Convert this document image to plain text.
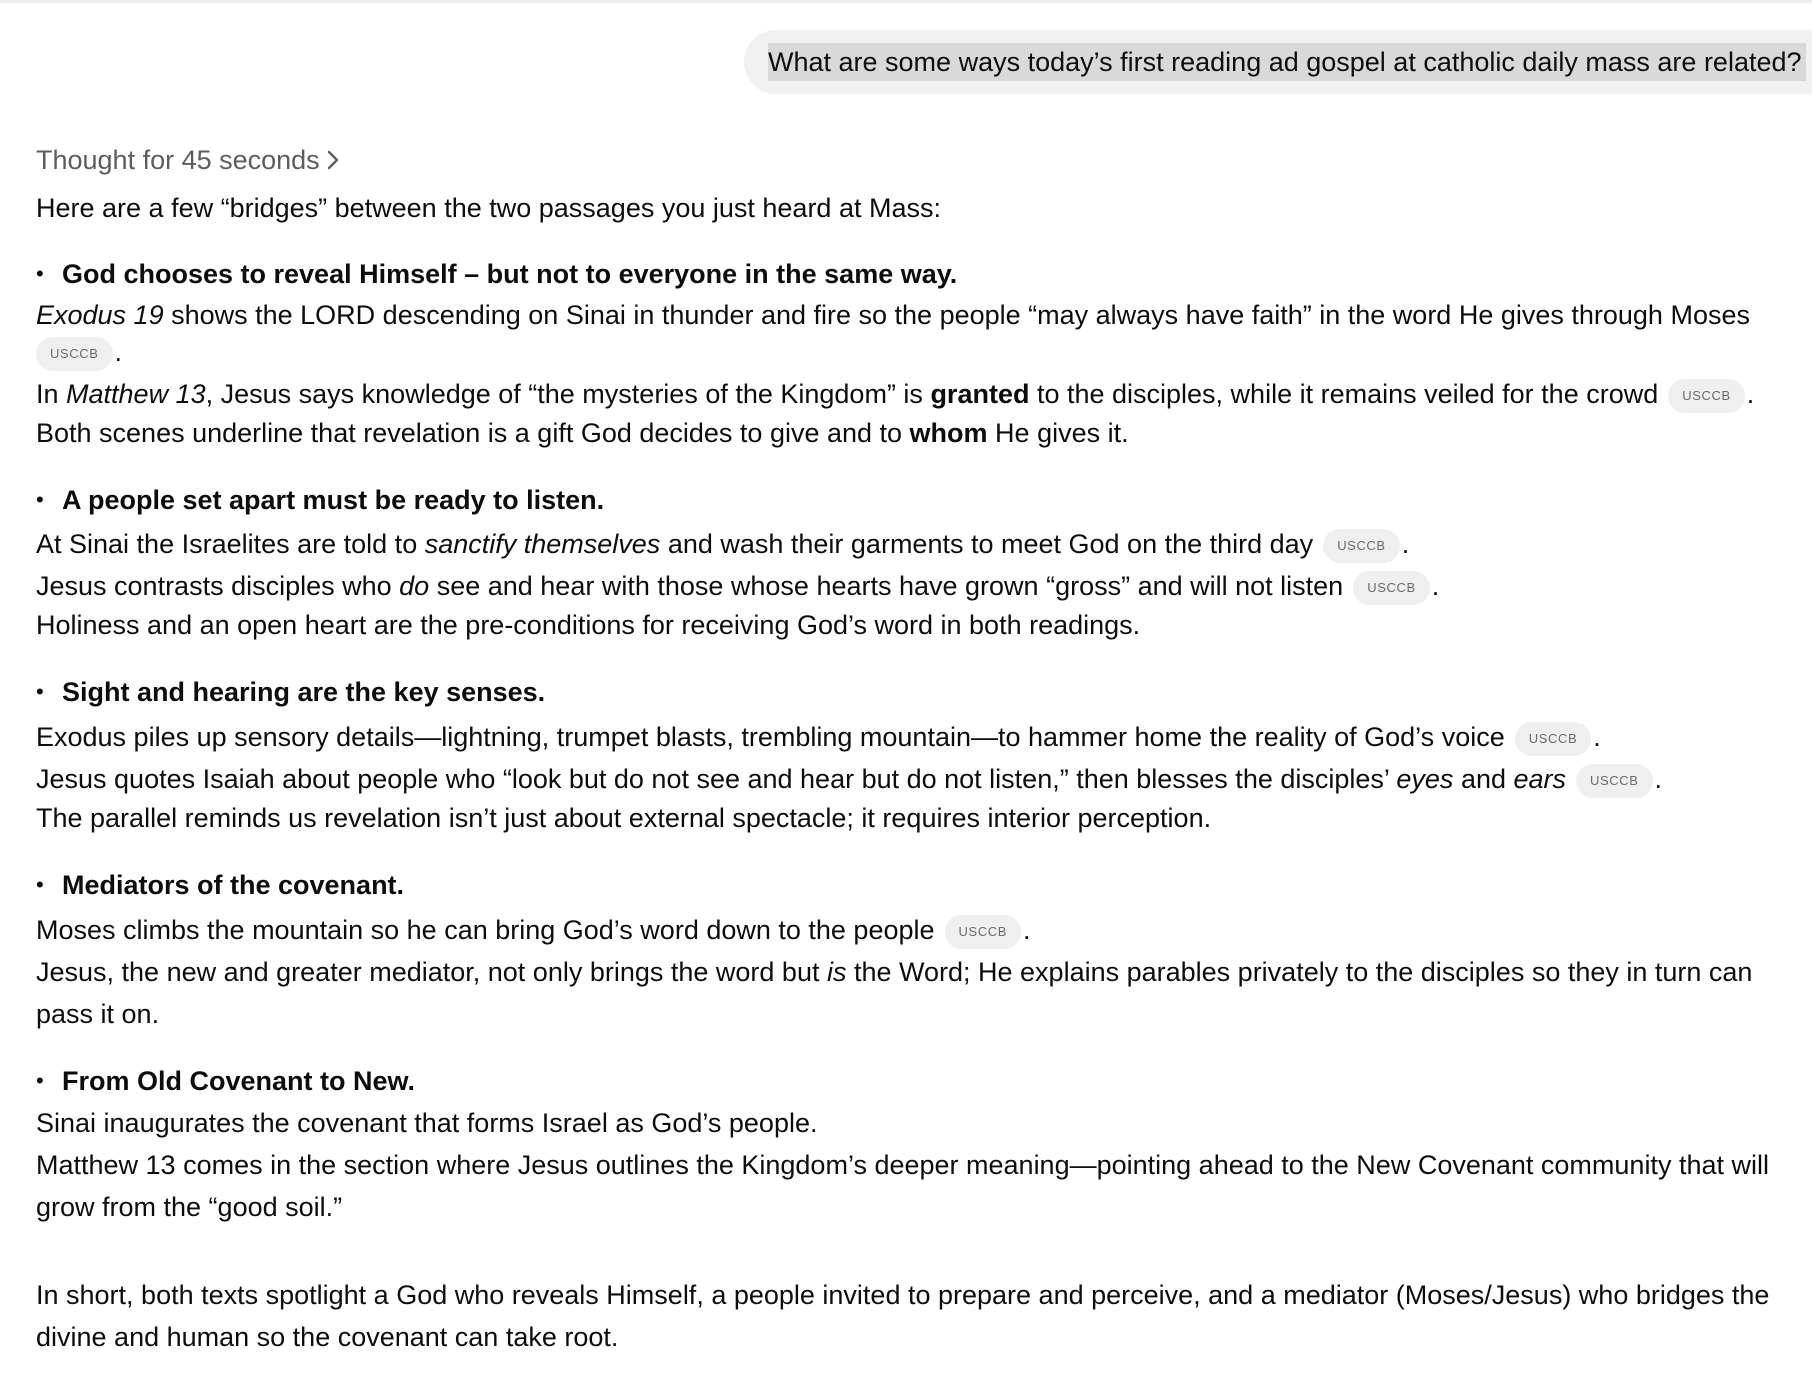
What are some ways today’s first reading ad gospel at catholic daily mass are related?
Thought for 45 seconds

Here are a few “bridges” between the two passages you just heard at Mass:

• God chooses to reveal Himself – but not to everyone in the same way.

Exodus 19 shows the LORD descending on Sinai in thunder and fire so the people “may always have faith” in the word He gives through Moses

USCCB .

In Matthew 13, Jesus says knowledge of “the mysteries of the Kingdom” is granted to the disciples, while it remains veiled for the crowd USCCB .

Both scenes underline that revelation is a gift God decides to give and to whom He gives it.

• A people set apart must be ready to listen.

At Sinai the Israelites are told to sanctify themselves and wash their garments to meet God on the third day USCCB .

Jesus contrasts disciples who do see and hear with those whose hearts have grown “gross” and will not listen USCCB .

Holiness and an open heart are the pre-conditions for receiving God’s word in both readings.

• Sight and hearing are the key senses.

Exodus piles up sensory details—lightning, trumpet blasts, trembling mountain—to hammer home the reality of God’s voice USCCB .

Jesus quotes Isaiah about people who “look but do not see and hear but do not listen,” then blesses the disciples’ eyes and ears USCCB .

The parallel reminds us revelation isn’t just about external spectacle; it requires interior perception.

• Mediators of the covenant.

Moses climbs the mountain so he can bring God’s word down to the people USCCB .

Jesus, the new and greater mediator, not only brings the word but is the Word; He explains parables privately to the disciples so they in turn can pass it on.

• From Old Covenant to New.

Sinai inaugurates the covenant that forms Israel as God’s people.

Matthew 13 comes in the section where Jesus outlines the Kingdom’s deeper meaning—pointing ahead to the New Covenant community that will grow from the “good soil.”

In short, both texts spotlight a God who reveals Himself, a people invited to prepare and perceive, and a mediator (Moses/Jesus) who bridges the divine and human so the covenant can take root.
